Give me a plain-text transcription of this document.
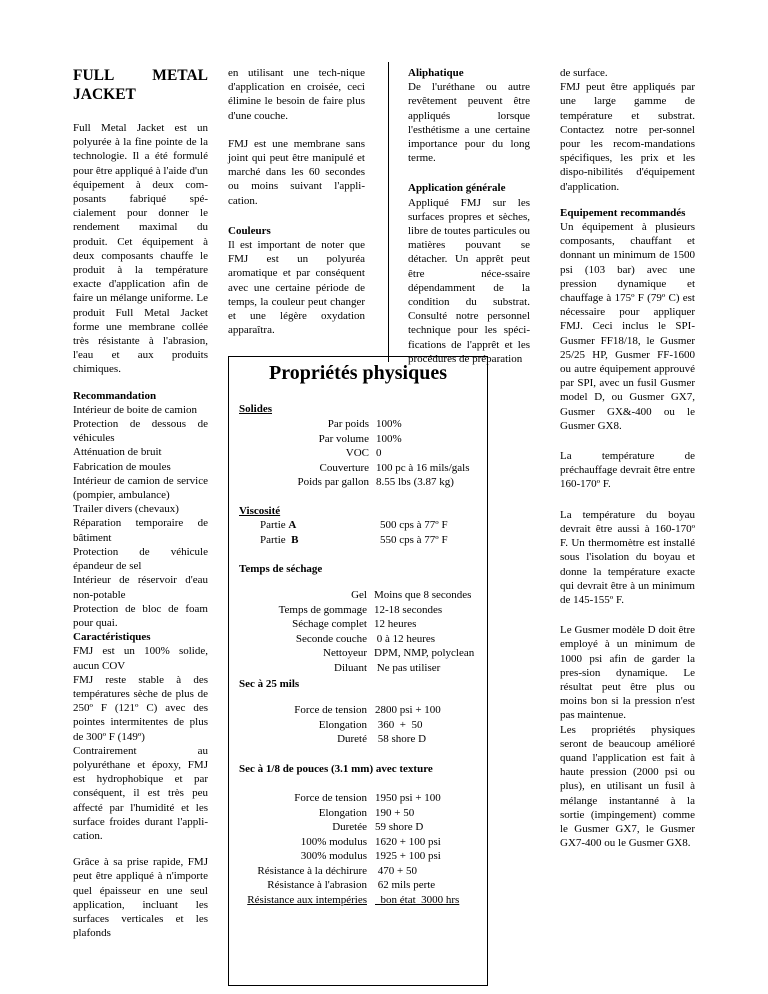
FULL METAL JACKET
Full Metal Jacket est un polyurée à la fine pointe de la technologie. Il a été formulé pour être appliqué à l'aide d'un équipement à deux com-posants fabriqué spé-cialement pour donner le rendement maximal du produit. Cet équipement à deux composants chauffe le produit à la température exacte d'application afin de faire un mélange uniforme. Le produit Full Metal Jacket forme une membrane collée très résistante à l'abrasion, l'eau et aux produits chimiques.
Recommandation
Intérieur de boite de camion
Protection de dessous de véhicules
Atténuation de bruit
Fabrication de moules
Intérieur de camion de service (pompier, ambulance)
Trailer divers (chevaux)
Réparation temporaire de bâtiment
Protection de véhicule épandeur de sel
Intérieur de réservoir d'eau non-potable
Protection de bloc de foam pour quai.
Caractéristiques
FMJ est un 100% solide, aucun COV
FMJ reste stable à des températures sèche de plus de 250º F (121º C) avec des pointes intermitentes de plus de 300º F (149º)
Contrairement au polyuréthane et époxy, FMJ est hydrophobique et par conséquent, il est très peu affecté par l'humidité et les surface froides durant l'appli-cation.
Grâce à sa prise rapide, FMJ peut être appliqué à n'importe quel épaisseur en une seul application, incluant les surfaces verticales et les plafonds
en utilisant une tech-nique d'application en croisée, ceci élimine le besoin de faire plus d'une couche.
FMJ est une membrane sans joint qui peut être manipulé et marché dans les 60 secondes ou moins suivant l'appli-cation.
Couleurs
Il est important de noter que FMJ est un polyuréa aromatique et par conséquent avec une certaine période de temps, la couleur peut changer et une légère oxydation apparaîtra.
Aliphatique
De l'uréthane ou autre revêtement peuvent être appliqués lorsque l'esthétisme a une certaine importance pour du long terme.
Application générale
Appliqué FMJ sur les surfaces propres et sèches, libre de toutes particules ou matières pouvant se détacher. Un apprêt peut être néce-ssaire dépendamment de la condition du substrat. Consulté notre personnel technique pour les spéci-fications de l'apprêt et les procédures de préparation
de surface.
FMJ peut être appliqués par une large gamme de température et substrat. Contactez notre per-sonnel pour les recom-mandations spécifiques, les prix et les dispo-nibilités d'équipement d'application.
Equipement recommandés
Un équipement à plusieurs composants, chauffant et donnant un minimum de 1500 psi (103 bar) avec une pression dynamique et chauffage à 175º F (79º C) est nécessaire pour appliquer FMJ. Ceci inclus le SPI-Gusmer FF18/18, le Gusmer 25/25 HP, Gusmer FF-1600 ou autre équipement approuvé par SPI, avec un fusil Gusmer model D, ou Gusmer GX7, Gusmer GX&-400 ou le Gusmer GX8.
La température de préchauffage devrait être entre 160-170º F.
La température du boyau devrait être aussi à 160-170º F. Un thermomètre est installé sous l'isolation du boyau et donne la température exacte qui devrait être à un minimum de 145-155º F.
Le Gusmer modèle D doit être employé à un minimum de 1000 psi afin de garder la pres-sion dynamique. Le résultat peut être plus ou moins bon si la pression n'est pas maintenue.
Les propriétés physiques seront de beaucoup amélioré quand l'application est fait à haute pression (2000 psi ou plus), en utilisant un fusil à mélange instantanné à la sortie (impingement) comme le Gusmer GX7, le Gusmer GX7-400 ou le Gusmer GX8.
Propriétés physiques
Solides
Par poids 100%
Par volume 100%
VOC 0
Couverture 100 pc à 16 mils/gals
Poids par gallon 8.55 lbs (3.87 kg)
Viscosité
Partie A	500 cps à 77º F
Partie  B	550 cps à 77º F
Temps de séchage
Gel Moins que 8 secondes
Temps de gommage 12-18 secondes
Séchage complet 12 heures
Seconde couche 0 à 12 heures
Nettoyeur DPM, NMP, polyclean
Diluant Ne pas utiliser
Sec à 25 mils
Force de tension 2800 psi + 100
Elongation 360  +  50
Dureté 58 shore D
Sec à 1/8 de pouces (3.1 mm) avec texture
Force de tension 1950 psi + 100
Elongation 190 + 50
Duretée 59 shore D
100% modulus 1620 + 100 psi
300% modulus 1925 + 100 psi
Résistance à la déchirure 470 + 50
Résistance à l'abrasion 62 mils perte
Résistance aux intempéries bon état  3000 hrs
